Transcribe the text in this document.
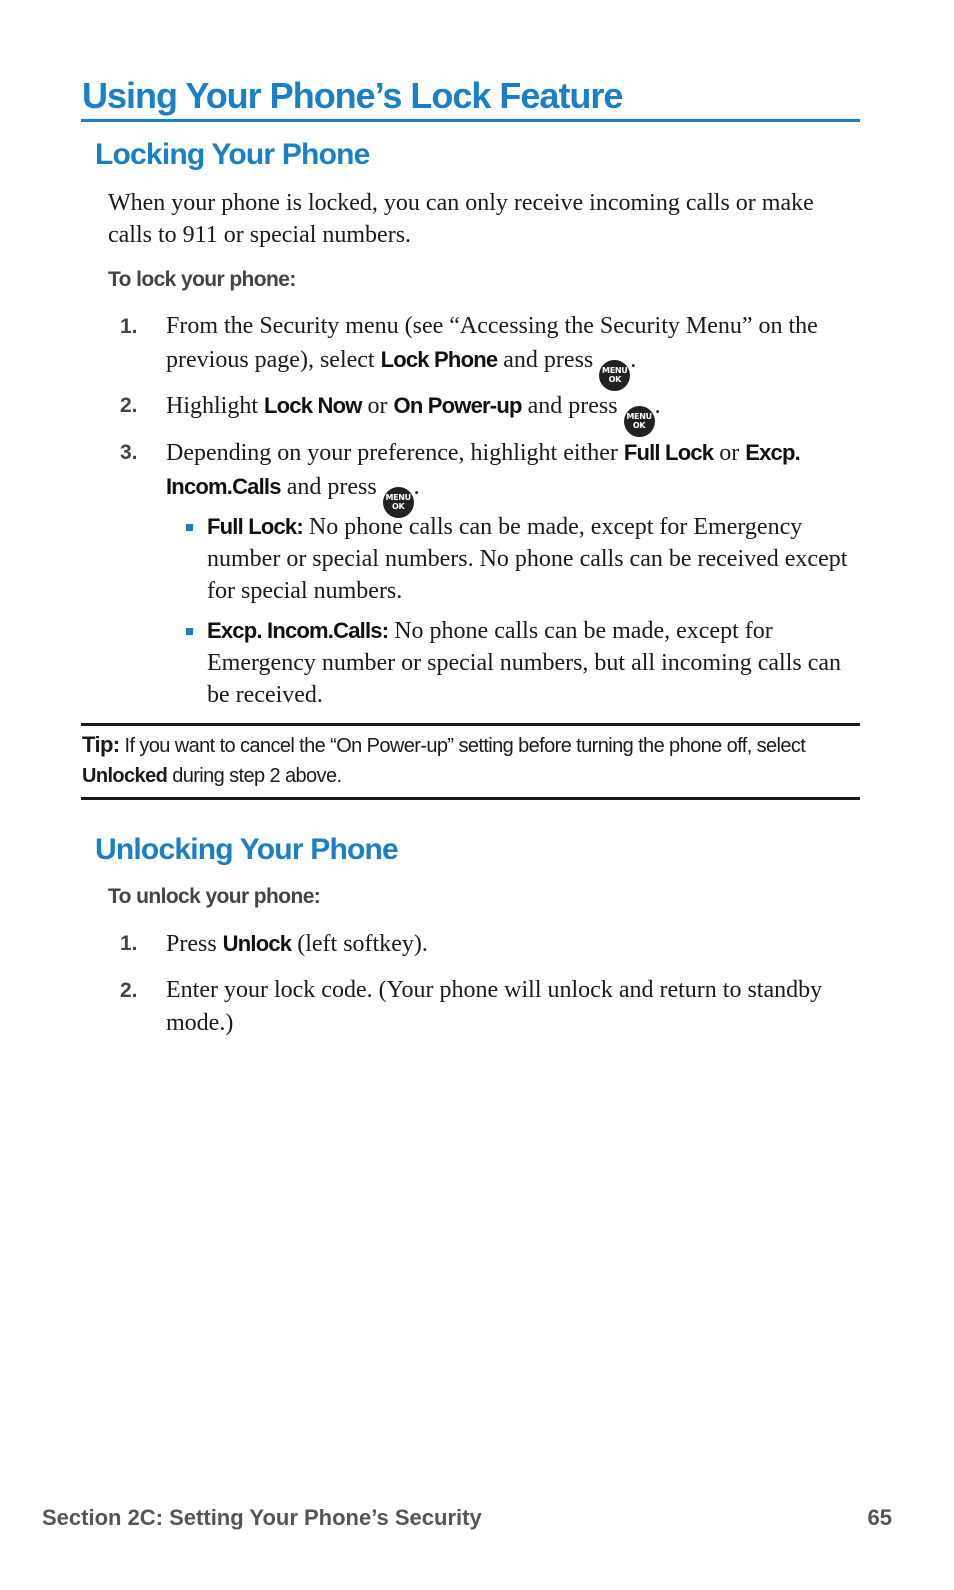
Using Your Phone’s Lock Feature
Locking Your Phone

When your phone is locked, you can only receive incoming calls or make calls to 911 or special numbers.

To lock your phone:

1.	From the Security menu (see “Accessing the Security Menu” on the previous page), select Lock Phone and press MENU
OK
.
2.	Highlight Lock Now or On Power-up and press MENU
OK
.
3.	Depending on your preference, highlight either Full Lock or Excp. Incom.Calls and press MENU
OK
.
Full Lock: No phone calls can be made, except for Emergency number or special numbers. No phone calls can be received except for special numbers.
Excp. Incom.Calls: No phone calls can be made, except for Emergency number or special numbers, but all incoming calls can be received.

Tip: If you want to cancel the “On Power-up” setting before turning the phone off, select Unlocked during step 2 above.

Unlocking Your Phone

To unlock your phone:

1.	Press Unlock (left softkey).
2.	Enter your lock code. (Your phone will unlock and return to standby mode.)

Section 2C: Setting Your Phone’s Security	65
